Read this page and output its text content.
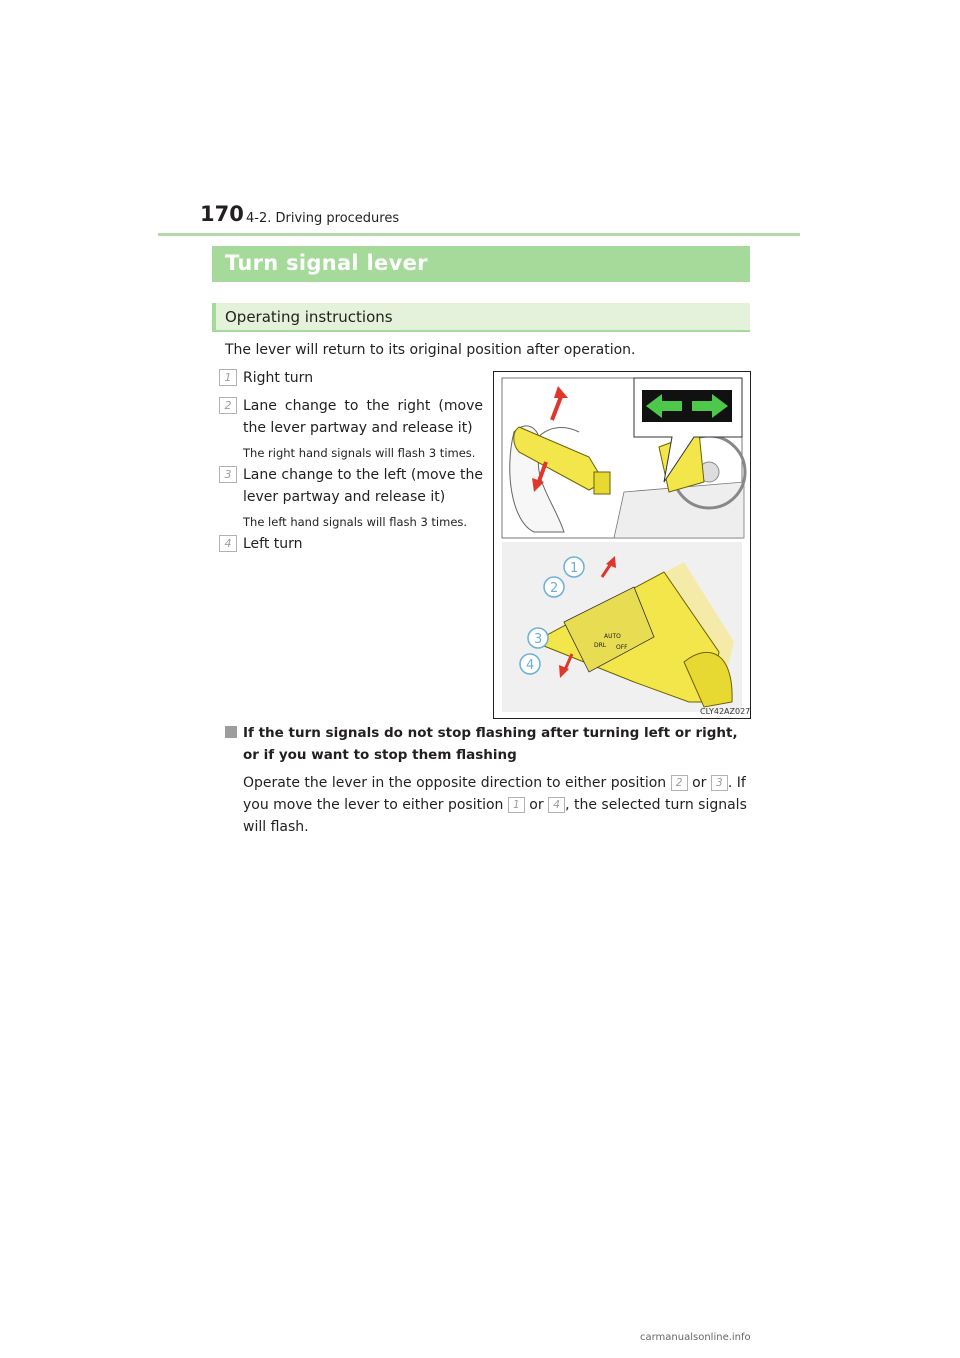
170 4-2. Driving procedures
Turn signal lever
Operating instructions
The lever will return to its original position after operation.
1 Right turn
2 Lane change to the right (move the lever partway and release it)
The right hand signals will flash 3 times.
3 Lane change to the left (move the lever partway and release it)
The left hand signals will flash 3 times.
4 Left turn
OFF
AUTO
DRL
1
2
3
4
CLY42AZ027
If the turn signals do not stop flashing after turning left or right, or if you want to stop them flashing
Operate the lever in the opposite direction to either position 2 or 3 . If you move the lever to either position 1 or 4 , the selected turn signals will flash.
carmanualsonline.info
